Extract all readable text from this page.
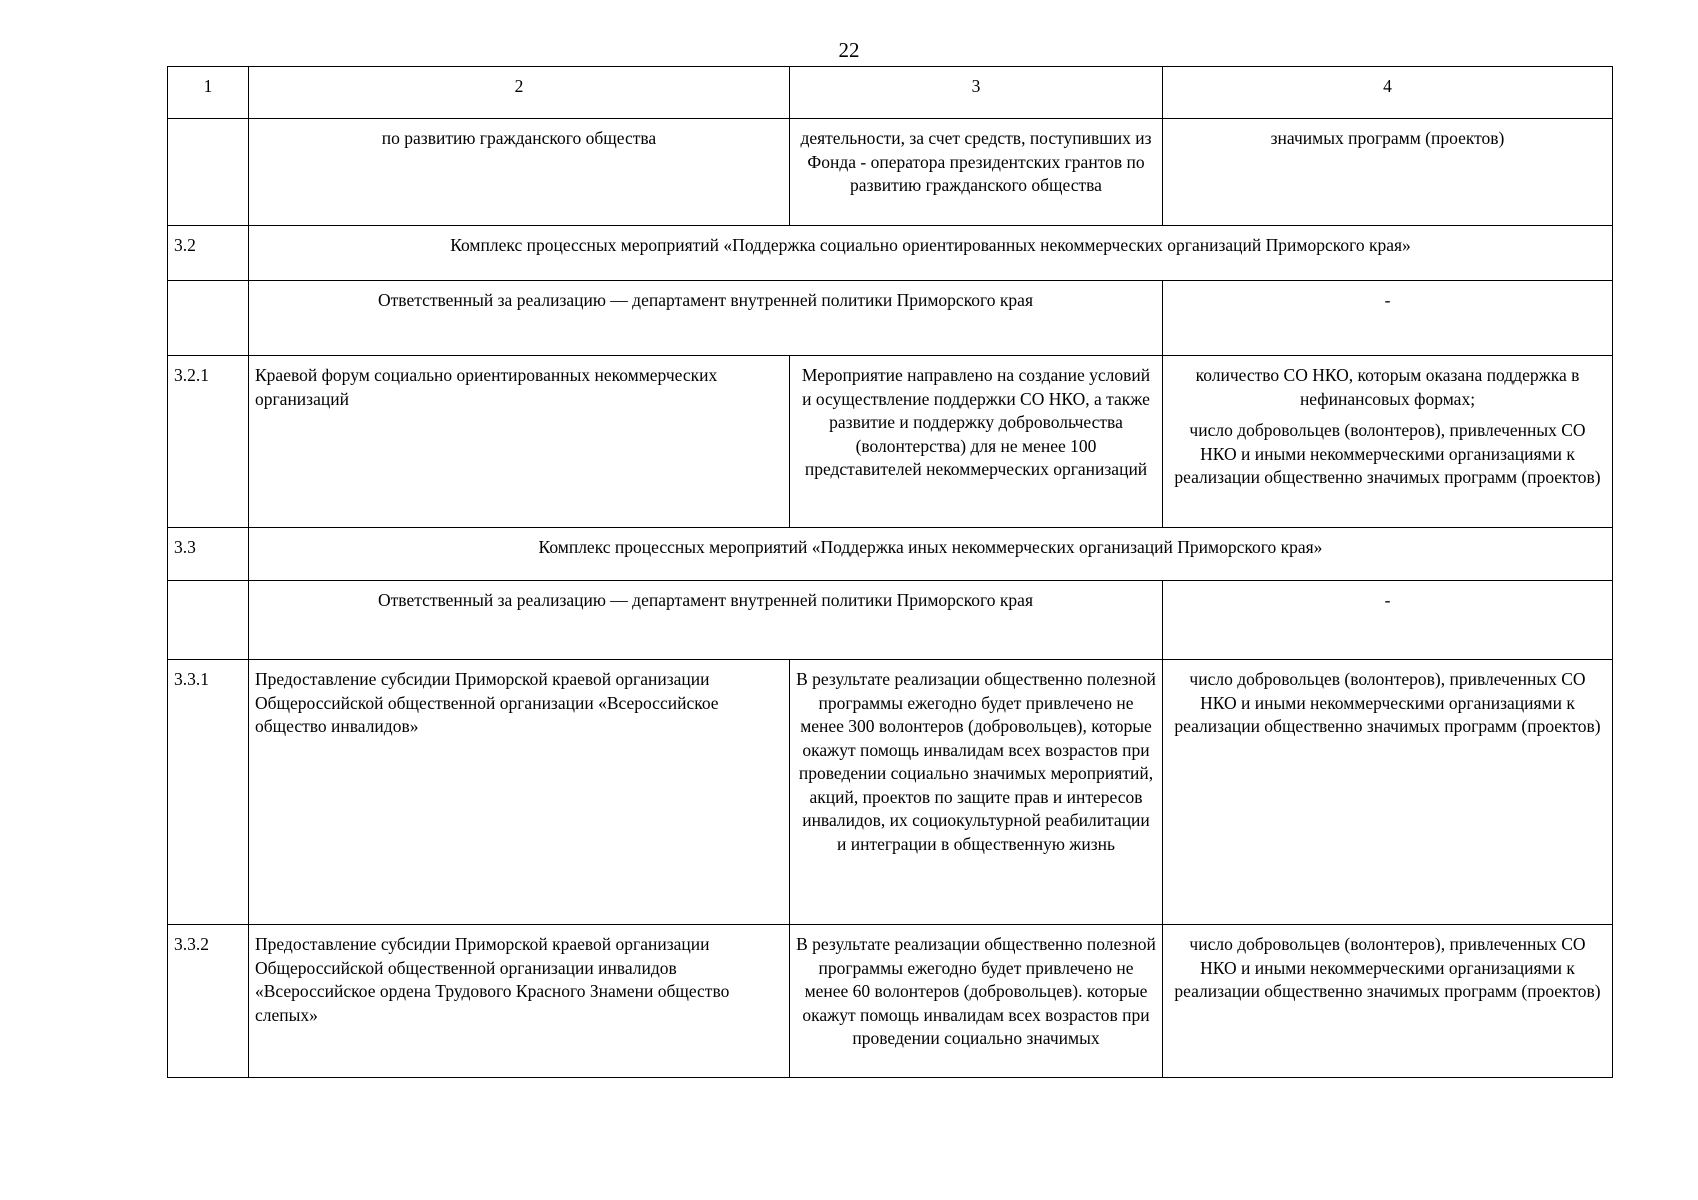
22
1	2	3	4
	по развитию гражданского общества	деятельности, за счет средств, поступивших из Фонда - оператора президентских грантов по развитию гражданского общества	значимых программ (проектов)
3.2	Комплекс процессных мероприятий «Поддержка социально ориентированных некоммерческих организаций Приморского края»		
	Ответственный за реализацию — департамент внутренней политики Приморского края		-
3.2.1	Краевой форум социально ориентированных некоммерческих организаций	Мероприятие направлено на создание условий и осуществление поддержки СО НКО, а также развитие и поддержку добровольчества (волонтерства) для не менее 100 представителей некоммерческих организаций	количество СО НКО, которым оказана поддержка в нефинансовых формах;
число добровольцев (волонтеров), привлеченных СО НКО и иными некоммерческими организациями к реализации общественно значимых программ (проектов)

3.3	Комплекс процессных мероприятий «Поддержка иных некоммерческих организаций Приморского края»		
	Ответственный за реализацию — департамент внутренней политики Приморского края		-
3.3.1	Предоставление субсидии Приморской краевой организации Общероссийской общественной организации «Всероссийское общество инвалидов»	В результате реализации общественно полезной программы ежегодно будет привлечено не менее 300 волонтеров (добровольцев), которые окажут помощь инвалидам всех возрастов при проведении социально значимых мероприятий, акций, проектов по защите прав и интересов инвалидов, их социокультурной реабилитации и интеграции в общественную жизнь	число добровольцев (волонтеров), привлеченных СО НКО и иными некоммерческими организациями к реализации общественно значимых программ (проектов)
3.3.2	Предоставление субсидии Приморской краевой организации Общероссийской общественной организации инвалидов «Всероссийское ордена Трудового Красного Знамени общество слепых»	В результате реализации общественно полезной программы ежегодно будет привлечено не менее 60 волонтеров (добровольцев). которые окажут помощь инвалидам всех возрастов при проведении социально значимых	число добровольцев (волонтеров), привлеченных СО НКО и иными некоммерческими организациями к реализации общественно значимых программ (проектов)
